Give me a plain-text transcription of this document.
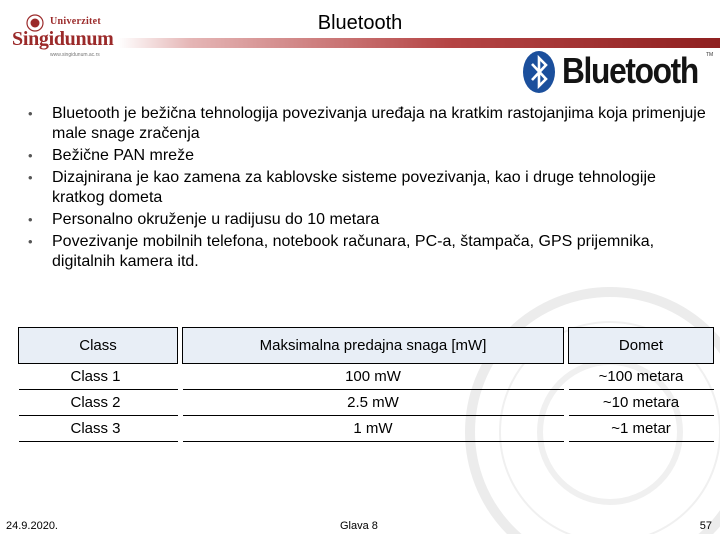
Univerzitet
Singidunum
www.singidunum.ac.rs
Bluetooth
Bluetooth TM
• Bluetooth je bežična tehnologija povezivanja uređaja na kratkim rastojanjima koja primenjuje male snage zračenja
• Bežične PAN mreže
• Dizajnirana je kao zamena za kablovske sisteme povezivanja, kao i druge tehnologije kratkog dometa
• Personalno okruženje u radijusu do 10 metara
• Povezivanje mobilnih telefona, notebook računara, PC-a, štampača, GPS prijemnika, digitalnih kamera itd.
Class		Maksimalna predajna snaga [mW]		Domet
Class 1		100 mW		~100 metara
Class 2		2.5 mW		~10 metara
Class 3		1 mW		~1 metar
24.9.2020.	Glava 8	57
